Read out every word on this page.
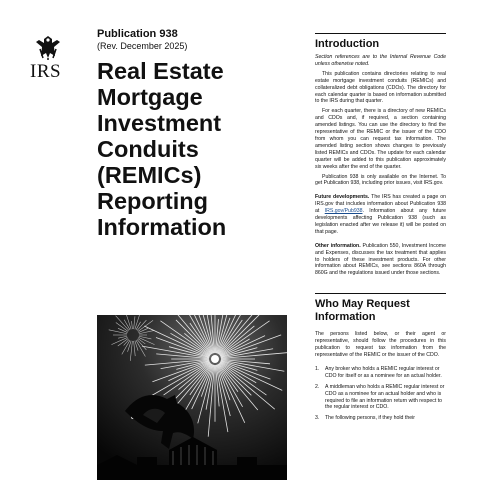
IRS
Publication 938
(Rev. December 2025)
Real Estate
Mortgage
Investment
Conduits
(REMICs)
Reporting
Information
Introduction

Section references are to the Internal Revenue Code unless otherwise noted.

This publication contains directories relating to real estate mortgage investment conduits (REMICs) and collateralized debt obligations (CDOs). The directory for each calendar quarter is based on information submitted to the IRS during that quarter.

For each quarter, there is a directory of new REMICs and CDOs and, if required, a section containing amended listings. You can use the directory to find the representative of the REMIC or the issuer of the CDO from whom you can request tax information. The amended listing section shows changes to previously listed REMICs and CDOs. The update for each calendar quarter will be added to this publication approximately six weeks after the end of the quarter.

Publication 938 is only available on the Internet. To get Publication 938, including prior issues, visit IRS.gov.

Future developments. The IRS has created a page on IRS.gov that includes information about Publication 938 at IRS.gov/Pub938. Information about any future developments affecting Publication 938 (such as legislation enacted after we release it) will be posted on that page.

Other information. Publication 550, Investment Income and Expenses, discusses the tax treatment that applies to holders of these investment products. For other information about REMICs, see sections 860A through 860G and the regulations issued under those sections.

Who May Request
Information

The persons listed below, or their agent or representative, should follow the procedures in this publication to request tax information from the representative of the REMIC or the issuer of the CDO.

1.	Any broker who holds a REMIC regular interest or CDO for itself or as a nominee for an actual holder.
2.	A middleman who holds a REMIC regular interest or CDO as a nominee for an actual holder and who is required to file an information return with respect to the regular interest or CDO.
3.	The following persons, if they hold their
